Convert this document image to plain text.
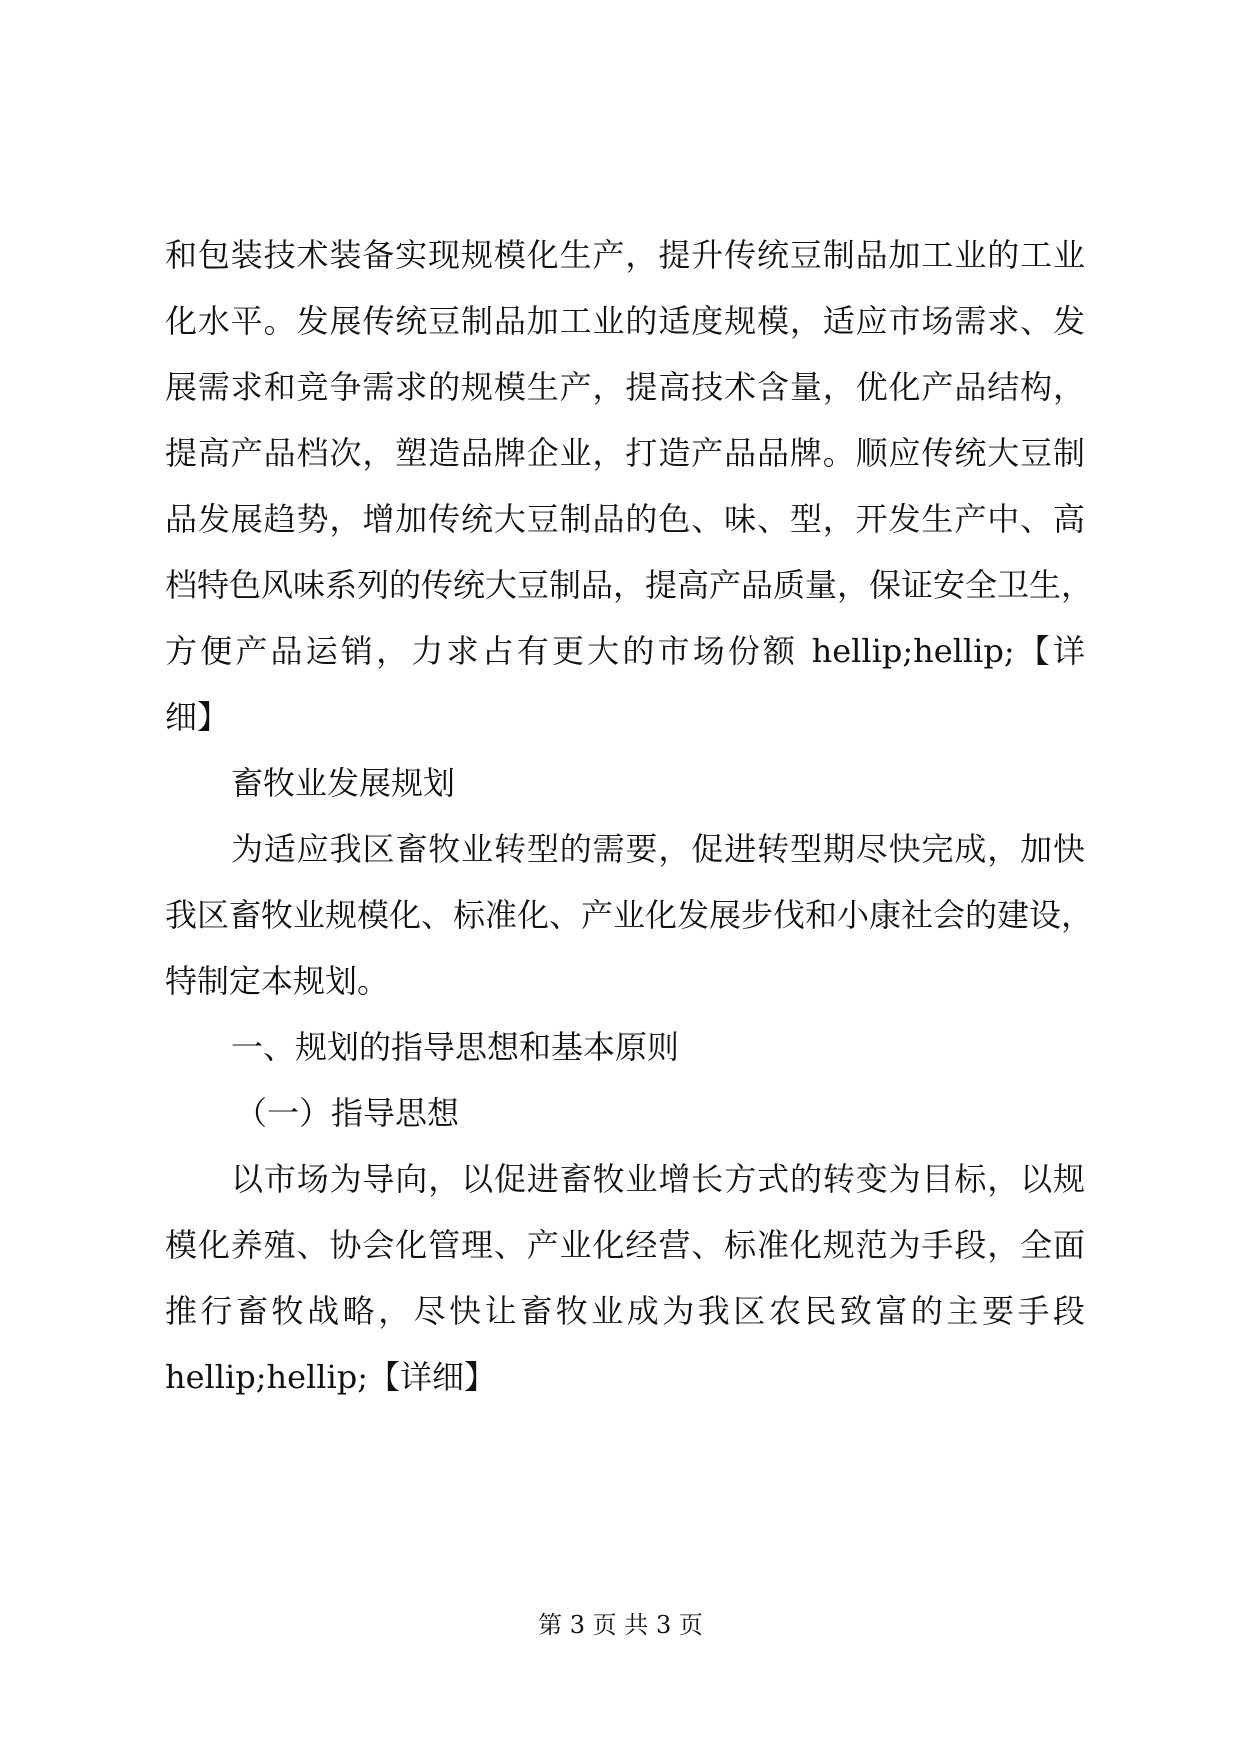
和包装技术装备实现规模化生产，提升传统豆制品加工业的工业
化水平。发展传统豆制品加工业的适度规模，适应市场需求、发
展需求和竞争需求的规模生产，提高技术含量，优化产品结构，
提高产品档次，塑造品牌企业，打造产品品牌。顺应传统大豆制
品发展趋势，增加传统大豆制品的色、味、型，开发生产中、高
档特色风味系列的传统大豆制品，提高产品质量，保证安全卫生，
方便产品运销，力求占有更大的市场份额 hellip;hellip;【详
细】
畜牧业发展规划
为适应我区畜牧业转型的需要，促进转型期尽快完成，加快
我区畜牧业规模化、标准化、产业化发展步伐和小康社会的建设，
特制定本规划。
一、规划的指导思想和基本原则
（一）指导思想
以市场为导向，以促进畜牧业增长方式的转变为目标，以规
模化养殖、协会化管理、产业化经营、标准化规范为手段，全面
推行畜牧战略，尽快让畜牧业成为我区农民致富的主要手段
hellip;hellip;【详细】
第 3 页 共 3 页
